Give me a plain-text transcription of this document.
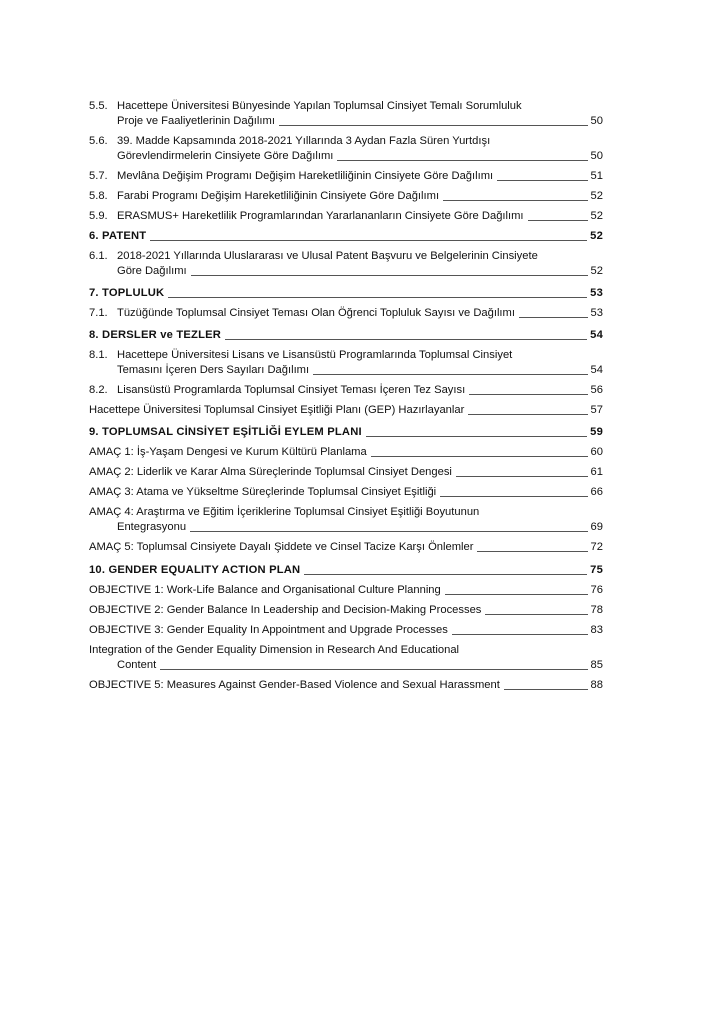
5.5. Hacettepe Üniversitesi Bünyesinde Yapılan Toplumsal Cinsiyet Temalı Sorumluluk
Proje ve Faaliyetlerinin Dağılımı	50
5.6. 39. Madde Kapsamında 2018-2021 Yıllarında 3 Aydan Fazla Süren Yurtdışı
Görevlendirmelerin Cinsiyete Göre Dağılımı	50
5.7. Mevlâna Değişim Programı Değişim Hareketliliğinin Cinsiyete Göre Dağılımı	51
5.8. Farabi Programı Değişim Hareketliliğinin Cinsiyete Göre Dağılımı	52
5.9. ERASMUS+ Hareketlilik Programlarından Yararlananların Cinsiyete Göre Dağılımı	52
6. PATENT	52
6.1. 2018-2021 Yıllarında Uluslararası ve Ulusal Patent Başvuru ve Belgelerinin Cinsiyete
Göre Dağılımı	52
7. TOPLULUK	53
7.1. Tüzüğünde Toplumsal Cinsiyet Teması Olan Öğrenci Topluluk Sayısı ve Dağılımı	53
8. DERSLER ve TEZLER	54
8.1. Hacettepe Üniversitesi Lisans ve Lisansüstü Programlarında Toplumsal Cinsiyet
Temasını İçeren Ders Sayıları Dağılımı	54
8.2. Lisansüstü Programlarda Toplumsal Cinsiyet Teması İçeren Tez Sayısı	56
Hacettepe Üniversitesi Toplumsal Cinsiyet Eşitliği Planı (GEP) Hazırlayanlar	57
9. TOPLUMSAL CİNSİYET EŞİTLİĞİ EYLEM PLANI	59
AMAÇ 1: İş-Yaşam Dengesi ve Kurum Kültürü Planlama	60
AMAÇ 2: Liderlik ve Karar Alma Süreçlerinde Toplumsal Cinsiyet Dengesi	61
AMAÇ 3: Atama ve Yükseltme Süreçlerinde Toplumsal Cinsiyet Eşitliği	66
AMAÇ 4: Araştırma ve Eğitim İçeriklerine Toplumsal Cinsiyet Eşitliği Boyutunun
Entegrasyonu	69
AMAÇ 5: Toplumsal Cinsiyete Dayalı Şiddete ve Cinsel Tacize Karşı Önlemler	72
10. GENDER EQUALITY ACTION PLAN	75
OBJECTIVE 1: Work-Life Balance and Organisational Culture Planning	76
OBJECTIVE 2: Gender Balance In Leadership and Decision-Making Processes	78
OBJECTIVE 3: Gender Equality In Appointment and Upgrade Processes	83
Integration of the Gender Equality Dimension in Research And Educational
Content	85
OBJECTIVE 5: Measures Against Gender-Based Violence and Sexual Harassment	88
